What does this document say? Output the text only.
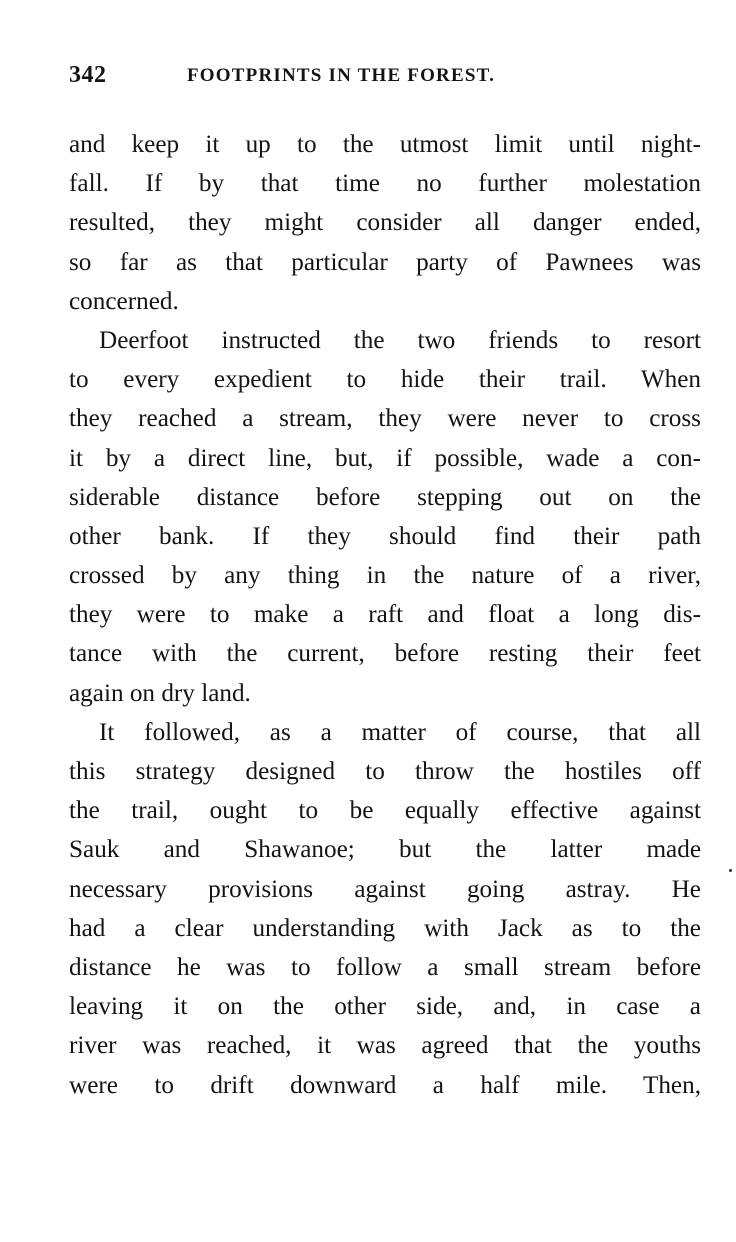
342	FOOTPRINTS IN THE FOREST.
and keep it up to the utmost limit until night-
fall. If by that time no further molestation
resulted, they might consider all danger ended,
so far as that particular party of Pawnees was
concerned.
Deerfoot instructed the two friends to resort
to every expedient to hide their trail. When
they reached a stream, they were never to cross
it by a direct line, but, if possible, wade a con-
siderable distance before stepping out on the
other bank. If they should find their path
crossed by any thing in the nature of a river,
they were to make a raft and float a long dis-
tance with the current, before resting their feet
again on dry land.
It followed, as a matter of course, that all
this strategy designed to throw the hostiles off
the trail, ought to be equally effective against
Sauk and Shawanoe; but the latter made
necessary provisions against going astray. He
had a clear understanding with Jack as to the
distance he was to follow a small stream before
leaving it on the other side, and, in case a
river was reached, it was agreed that the youths
were to drift downward a half mile. Then,
